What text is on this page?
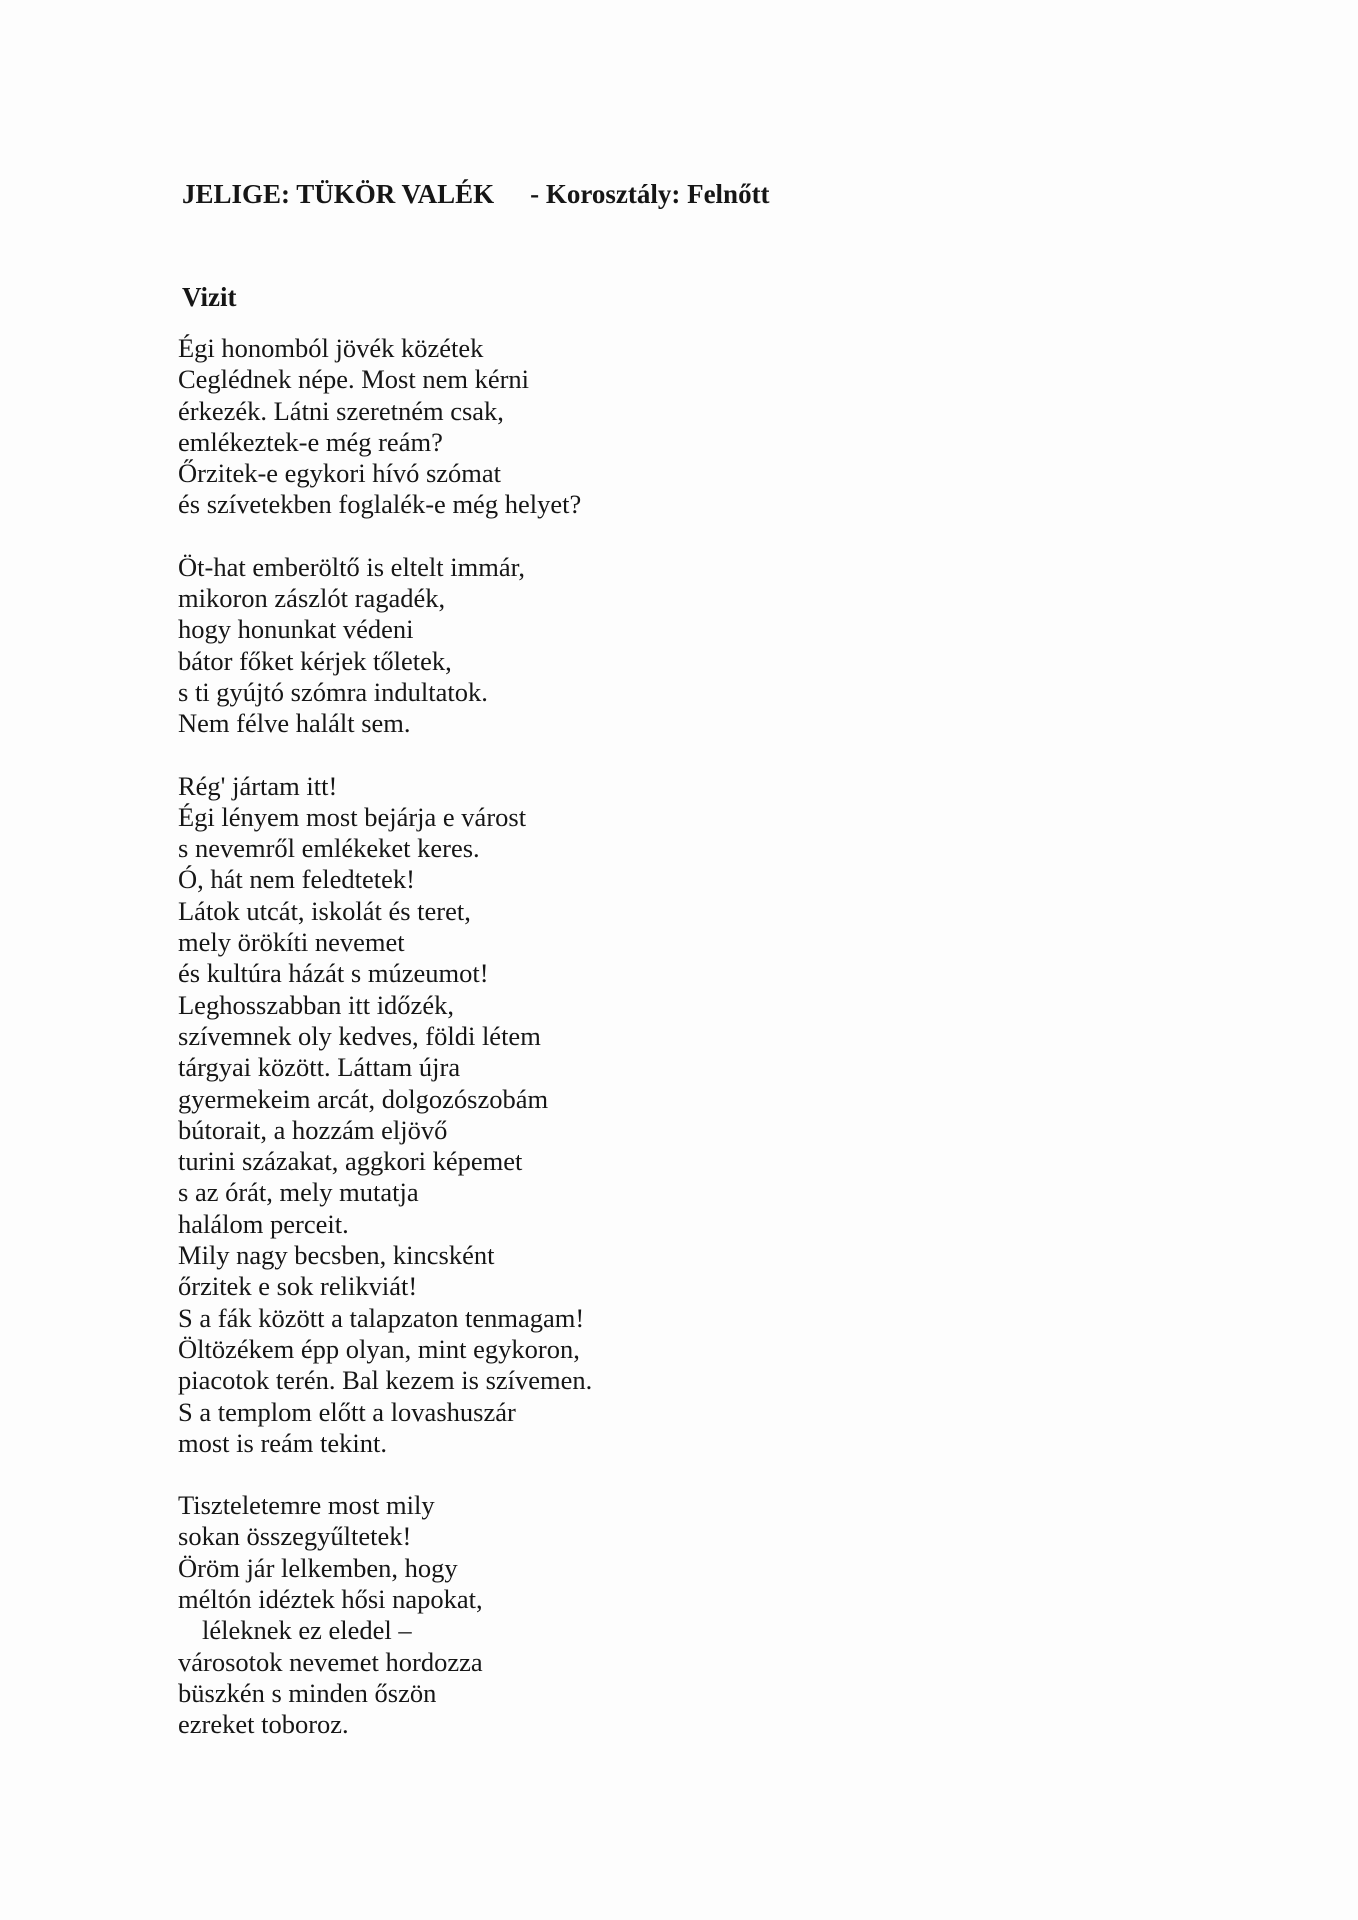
JELIGE: TÜKÖR VALÉK - Korosztály: Felnőtt
Vizit
Égi honomból jövék közétek
Ceglédnek népe. Most nem kérni
érkezék. Látni szeretném csak,
emlékeztek-e még reám?
Őrzitek-e egykori hívó szómat
és szívetekben foglalék-e még helyet?
Öt-hat emberöltő is eltelt immár,
mikoron zászlót ragadék,
hogy honunkat védeni
bátor főket kérjek tőletek,
s ti gyújtó szómra indultatok.
Nem félve halált sem.
Rég' jártam itt!
Égi lényem most bejárja e várost
s nevemről emlékeket keres.
Ó, hát nem feledtetek!
Látok utcát, iskolát és teret,
mely örökíti nevemet
és kultúra házát s múzeumot!
Leghosszabban itt időzék,
szívemnek oly kedves, földi létem
tárgyai között. Láttam újra
gyermekeim arcát, dolgozószobám
bútorait, a hozzám eljövő
turini százakat, aggkori képemet
s az órát, mely mutatja
halálom perceit.
Mily nagy becsben, kincsként
őrzitek e sok relikviát!
S a fák között a talapzaton tenmagam!
Öltözékem épp olyan, mint egykoron,
piacotok terén. Bal kezem is szívemen.
S a templom előtt a lovashuszár
most is reám tekint.
Tiszteletemre most mily
sokan összegyűltetek!
Öröm jár lelkemben, hogy
méltón idéztek hősi napokat,
léleknek ez eledel –
városotok nevemet hordozza
büszkén s minden őszön
ezreket toboroz.
